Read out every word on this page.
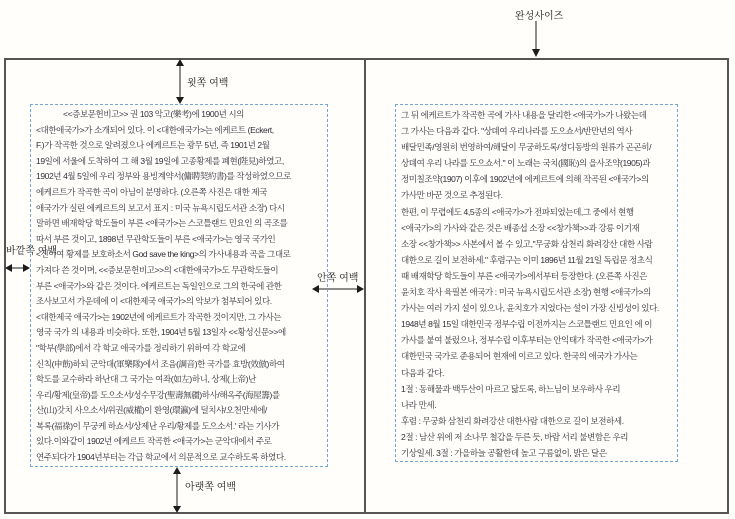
완성사이즈
윗쪽 여백
바깥쪽 여백
안쪽 여백
아랫쪽 여백
<<증보문헌비고>> 권 103 악고(樂考)에 1900년 시의
<대한애국가>가 소개되어 있다. 이 <대한애국가>는 에케르트 (Eckert,
F.)가 작곡한 것으로 알려졌으나 에케르트는 광무 5년, 즉 1901년 2월
19일에 서울에 도착하여 그 해 3월 19일에 고종황제를 폐현(陛見)하였고,
1902년 4월 5일에 우리 정부와 용빙계약서(傭聘契約書)를 작성하였으므로
에케르트가 작곡한 곡이 아님이 분명하다. (오른쪽 사진은 대한 제국
애국가가 실린 에케르트의 보고서 표지 : 미국 뉴욕시립도서관 소장) 다시
말하면 배재학당 학도들이 부른 <애국가>는 스코틀랜드 민요인 의 곡조를
따서 부른 것이고, 1898년 무관학도들이 부른 <애국가>는 영국 국가인
<신이여 황제를 보호하소서 God save the king>의 가사내용과 곡을 그대로
가져다 쓴 것이며, <<증보문헌비고>>의 <대한애국가>도 무관학도들이
부른 <애국가>와 같은 것이다. 에케르트는 독일인으로 그의 한국에 관한
조사보고서 가운데에 이 <대한제국 애국가>의 악보가 첨부되어 있다.
<대한제국 애국가>는 1902년에 에케르트가 작곡한 것이지만, 그 가사는
영국 국가 의 내용과 비슷하다. 또한, 1904년 5월 13일자 <<황성신문>>에
"학부(學部)에서 각 학교 애국가를 정리하기 위하여 각 학교에
신칙(申飭)하되 군악대(軍樂隊)에서 조음(調音)한 국가를 효방(效倣)하여
학도를 교수하라 하난대 그 국가는 여좌(如左)하니, 상제(上帝)난
우리/황제(皇帝)를 도으소서/성수무강(聖壽無疆)하사/해옥주(海屋籌)를
산(山)갓치 사으소서/위권(威權)이 환영(環瀛)에 덜치샤/오천만세에/
복록(福祿)이 무궁케 하쇼서/상제난 우리/황제를 도으소서.' 라는 기사가
있다.이와같이 1902년 에케르트 작곡한 <애국가>는 군악대에서 주로
연주되다가 1904년부터는 각급 학교에서 의문적으로 교수하도록 하였다.
그 뒤 에케르트가 작곡한 곡에 가사 내용을 달리한 <애국가>가 나왔는데
그 가사는 다음과 같다. "상뎨여 우리나라를 도으쇼서/반만년의 역사
배달민족/영원히 번영하여/해달이 무궁하도록/셩디동방의 원류가 곤곤히/
상뎨여 우리 나라를 도으쇼서." 이 노래는 국치(國恥)의 을사조약(1905)과
정미칠조약(1907) 이후에 1902년에 에케르트에 의해 작곡된 <애국가>의
가사만 바꾼 것으로 추정된다.
한편, 이 무렵에도 4,5종의 <애국가>가 전파되었는데,그 중에서 현행
<애국가>의 가사와 같은 것은 배종섭 소장 <<창가책>>과 강릉 이기재
소장 <<창가책>> 사본에서 볼 수 있고,"무궁화 삼천리 화려강산 대한 사람
대한으로 길이 보전하세." 후렴구는 이미 1896년 11월 21일 독립문 정초식
때 배재학당 학도들이 부른 <애국가>에서부터 등장한다. (오른쪽 사진은
윤치호 작사 육필본 애국가 : 미국 뉴욕시립도서관 소장) 현행 <애국가>의
가사는 여러 가지 설이 있으나, 윤치호가 지었다는 설이 가장 신빙성이 있다.
1948년 8월 15일 대한민국 정부수립 이전까지는 스코틀랜드 민요인 에 이
가사를 붙여 불렀으나, 정부수립 이후부터는 안익태가 작곡한 <애국가>가
대한민국 국가로 준용되어 현재에 이르고 있다. 한국의 애국가 가사는
다음과 같다.
1절 : 동해물과 백두산이 마르고 닳도록, 하느님이 보우하사 우리
나라 만세.
후렴 : 무궁화 삼천리 화려강산 대한사람 대한으로 길이 보전하세.
2절 : 남산 위에 저 소나무 철갑을 두른 듯, 바람 서리 불변함은 우리
기상일세. 3절 : 가을하늘 공활한데 높고 구름없이, 밝은 달은
